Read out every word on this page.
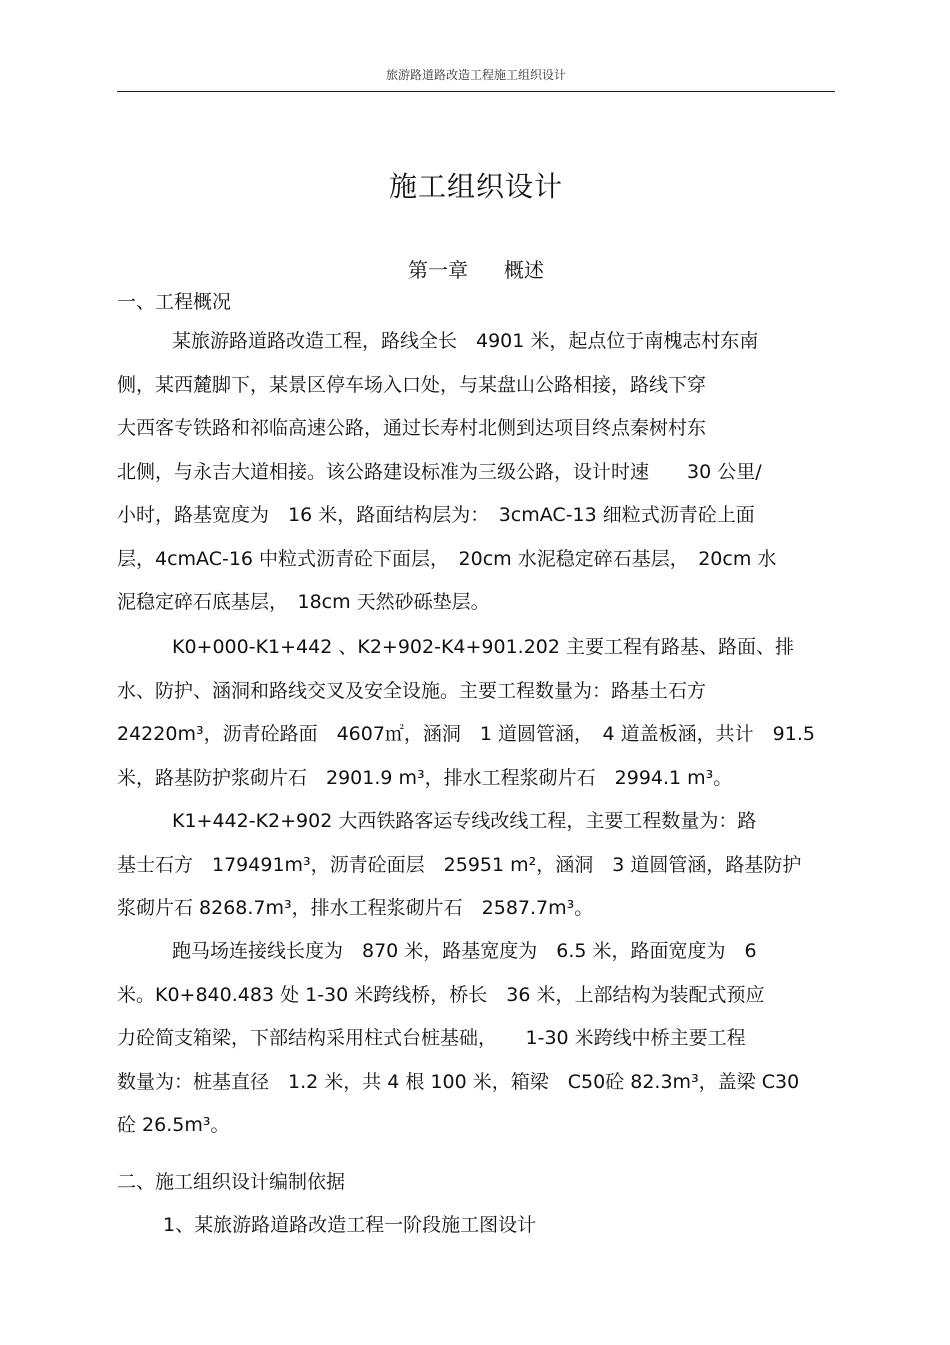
旅游路道路改造工程施工组织设计
施工组织设计
第一章 概述
一、工程概况
某旅游路道路改造工程，路线全长　4901 米，起点位于南槐志村东南
侧，某西麓脚下，某景区停车场入口处，与某盘山公路相接，路线下穿
大西客专铁路和祁临高速公路，通过长寿村北侧到达项目终点秦树村东
北侧，与永吉大道相接。该公路建设标准为三级公路，设计时速　　30 公里/
小时，路基宽度为　16 米，路面结构层为：　3cmAC-13 细粒式沥青砼上面
层，4cmAC-16 中粒式沥青砼下面层，　20cm 水泥稳定碎石基层，　20cm 水
泥稳定碎石底基层，　18cm 天然砂砾垫层。
K0+000-K1+442 、K2+902-K4+901.202 主要工程有路基、路面、排
水、防护、涵洞和路线交叉及安全设施。主要工程数量为：路基土石方
24220m³，沥青砼路面　4607㎡，涵洞　1 道圆管涵，　4 道盖板涵，共计　91.5
米，路基防护浆砌片石　2901.9 m³，排水工程浆砌片石　2994.1 m³。
K1+442-K2+902 大西铁路客运专线改线工程，主要工程数量为：路
基士石方　179491m³，沥青砼面层　25951 m²，涵洞　3 道圆管涵，路基防护
浆砌片石 8268.7m³，排水工程浆砌片石　2587.7m³。
跑马场连接线长度为　870 米，路基宽度为　6.5 米，路面宽度为　6
米。K0+840.483 处 1-30 米跨线桥，桥长　36 米，上部结构为装配式预应
力砼简支箱梁，下部结构采用柱式台桩基础，　　1-30 米跨线中桥主要工程
数量为：桩基直径　1.2 米，共 4 根 100 米，箱梁　C50砼 82.3m³，盖梁 C30
砼 26.5m³。
二、施工组织设计编制依据
1、某旅游路道路改造工程一阶段施工图设计
